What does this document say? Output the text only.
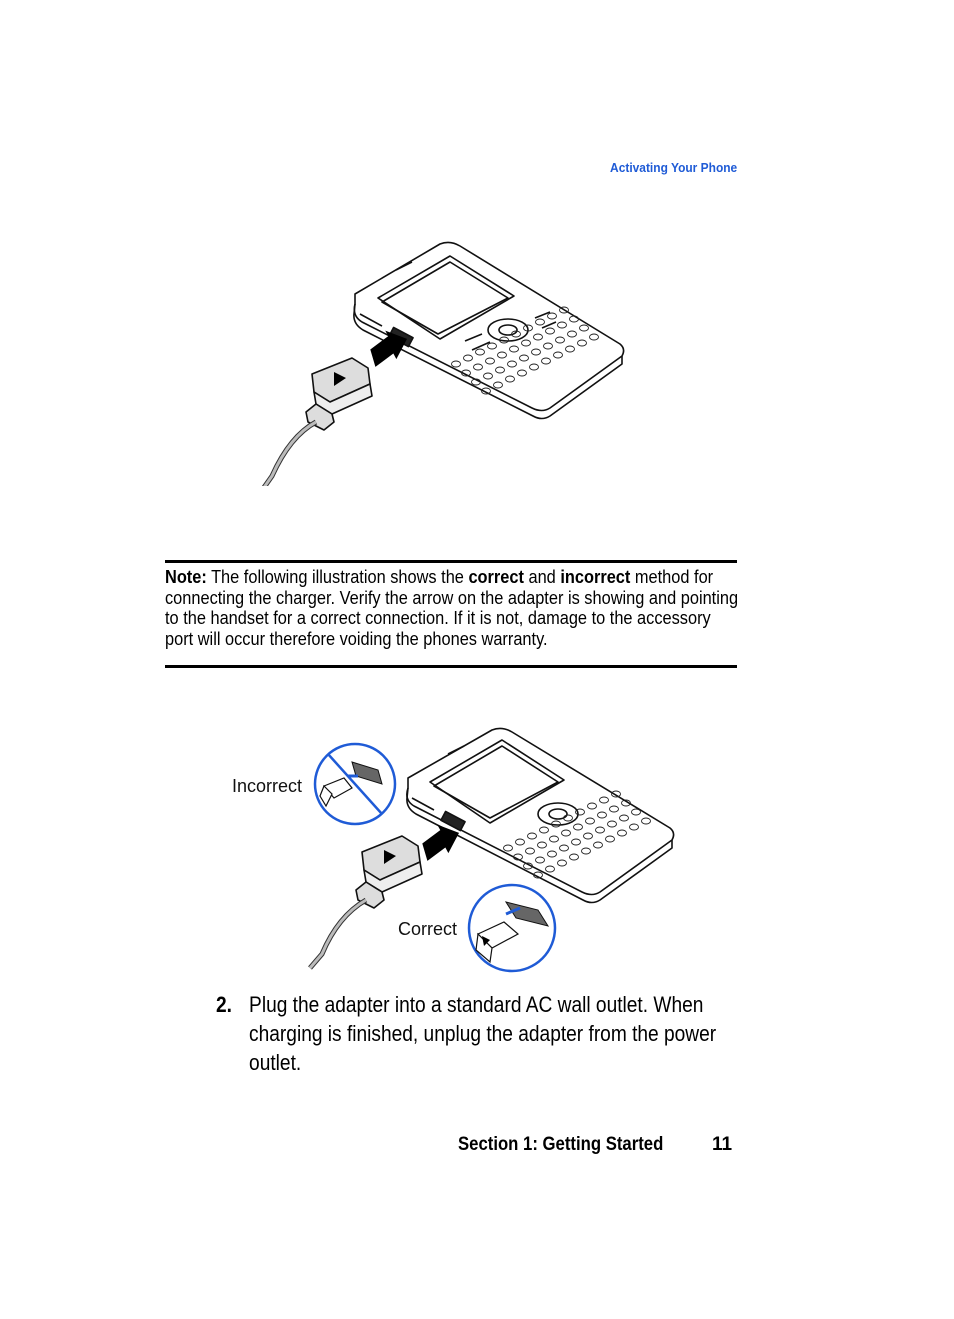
Activating Your Phone
Note: The following illustration shows the correct and incorrect method for connecting the charger. Verify the arrow on the adapter is showing and pointing to the handset for a correct connection. If it is not, damage to the accessory port will occur therefore voiding the phones warranty.
Incorrect
Correct
2. Plug the adapter into a standard AC wall outlet. When charging is finished, unplug the adapter from the power outlet.
Section 1: Getting Started	11
